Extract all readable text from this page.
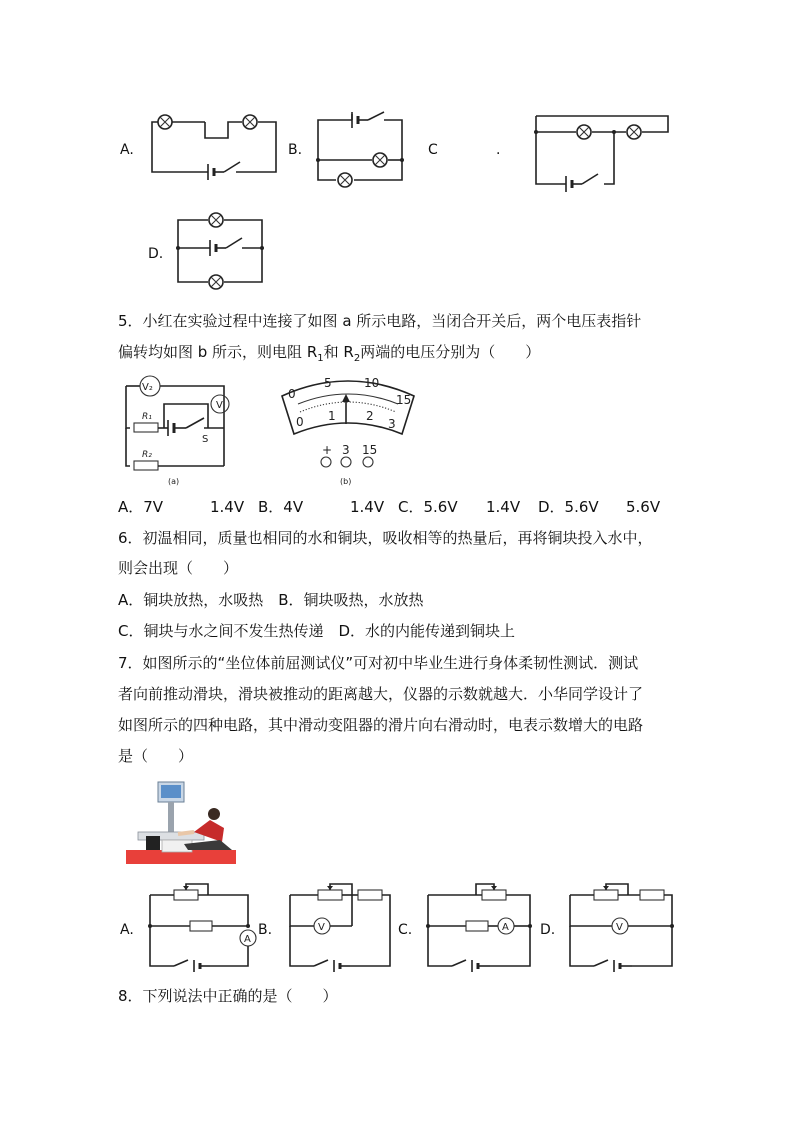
A.	B.	C	.
D.
5．小红在实验过程中连接了如图 a 所示电路，当闭合开关后，两个电压表指针
偏转均如图 b 所示，则电阻 $R_1$和 $R_2$两端的电压分别为（　　）
V₂
R₁
S
V
R₂
(a)
0
5	10
15
0 1	2
3
+ 3 15
(b)
A．7V	1.4V B．4V	1.4V C．5.6V 1.4V D．5.6V 5.6V
6．初温相同，质量也相同的水和铜块，吸收相等的热量后，再将铜块投入水中，
则会出现（　　）
A．铜块放热，水吸热　B．铜块吸热，水放热
C．铜块与水之间不发生热传递　D．水的内能传递到铜块上
7．如图所示的“坐位体前屈测试仪”可对初中毕业生进行身体柔韧性测试．测试
者向前推动滑块，滑块被推动的距离越大，仪器的示数就越大．小华同学设计了
如图所示的四种电路，其中滑动变阻器的滑片向右滑动时，电表示数增大的电路
是（　　）
A.
A
B.	V	C.	A D.	V
8．下列说法中正确的是（　　）
